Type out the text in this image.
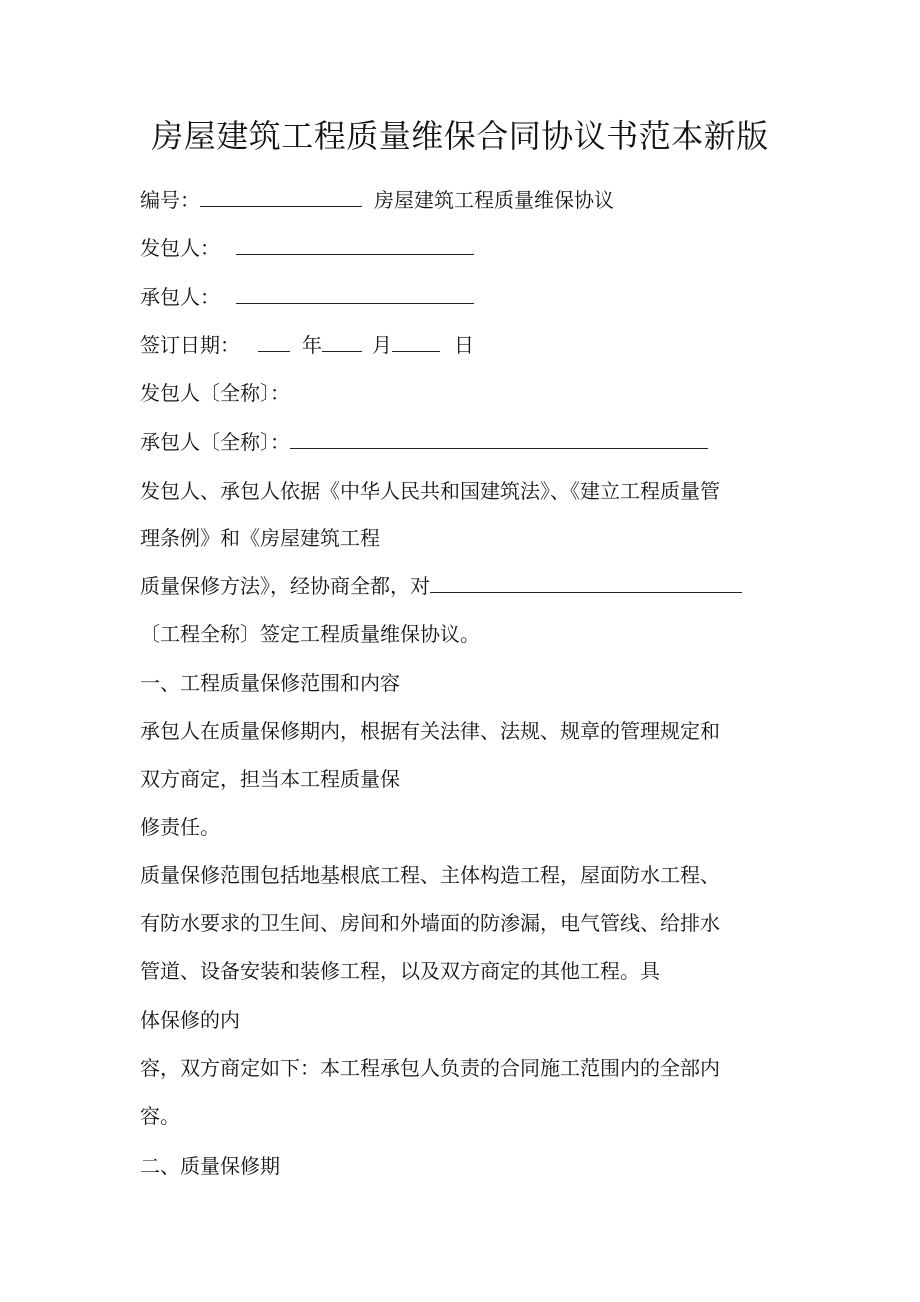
房屋建筑工程质量维保合同协议书范本新版
编号：	房屋建筑工程质量维保协议
发包人：
承包人：
签订日期：	年	月	日
发包人〔全称〕：
承包人〔全称〕：
发包人、承包人依据《中华人民共和国建筑法》、《建立工程质量管
理条例》和《房屋建筑工程
质量保修方法》，经协商全都，对
〔工程全称〕签定工程质量维保协议。
一、工程质量保修范围和内容
承包人在质量保修期内，根据有关法律、法规、规章的管理规定和
双方商定，担当本工程质量保
修责任。
质量保修范围包括地基根底工程、主体构造工程，屋面防水工程、
有防水要求的卫生间、房间和外墙面的防渗漏，电气管线、给排水
管道、设备安装和装修工程，以及双方商定的其他工程。具
体保修的内
容，双方商定如下：本工程承包人负责的合同施工范围内的全部内
容。
二、质量保修期
